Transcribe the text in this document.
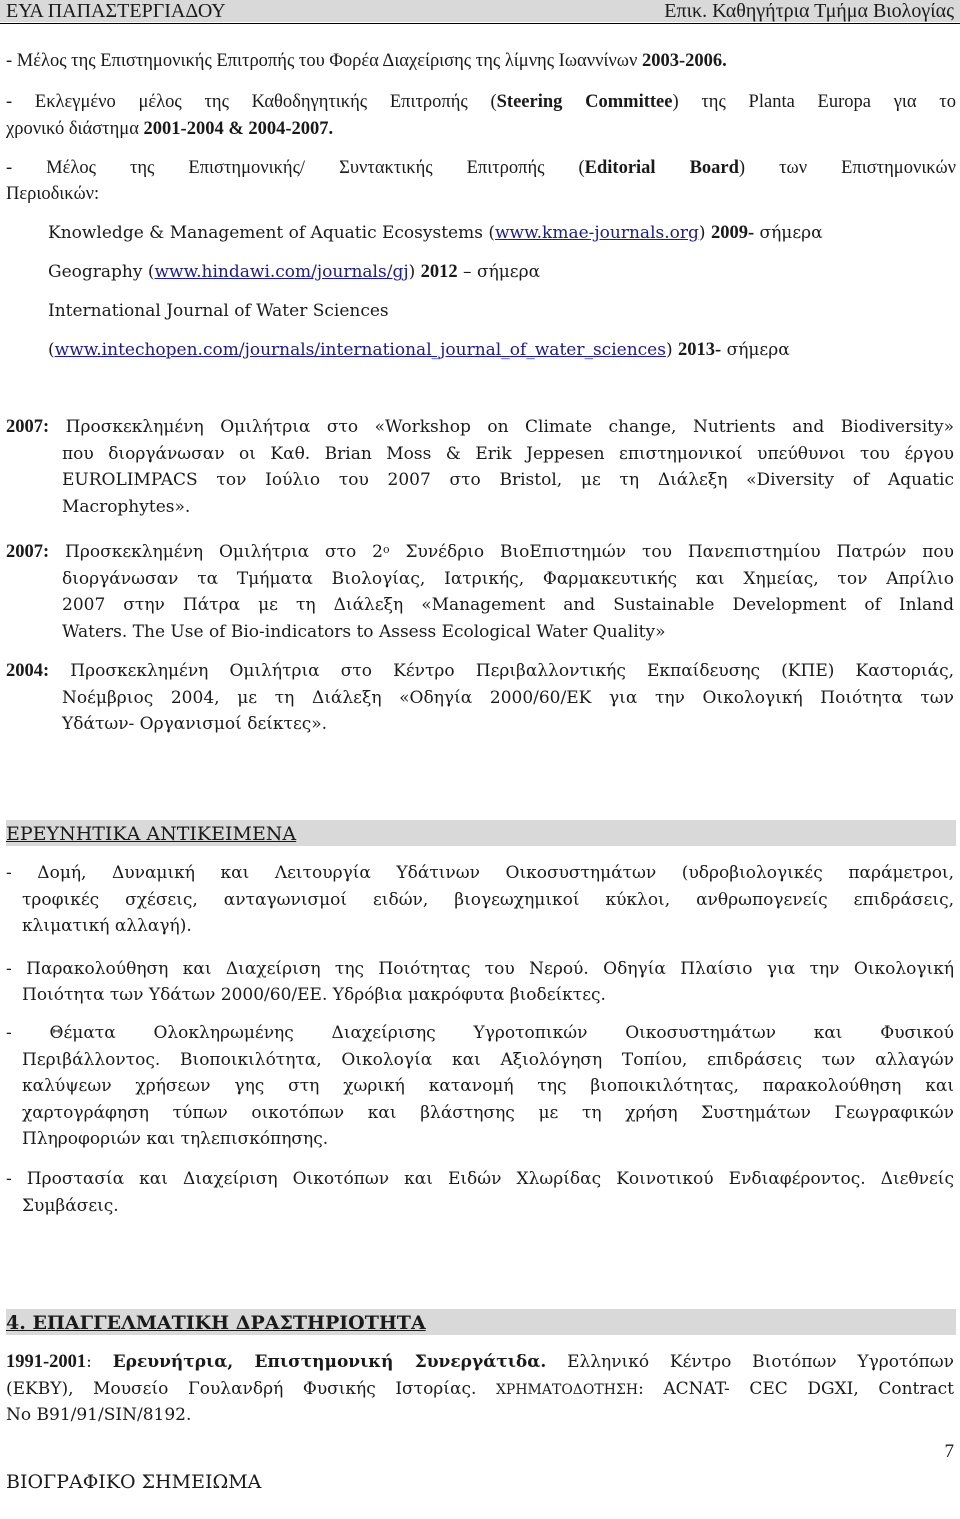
ΕΥΑ ΠΑΠΑΣΤΕΡΓΙΑΔΟΥ	Επικ. Καθηγήτρια Τμήμα Βιολογίας
- Μέλος της Επιστημονικής Επιτροπής του Φορέα Διαχείρισης της λίμνης Ιωαννίνων 2003-2006.
- Εκλεγμένο μέλος της Καθοδηγητικής Επιτροπής (Steering Committee) της Planta Europa για το
χρονικό διάστημα 2001-2004 & 2004-2007.
- Μέλος της Επιστημονικής/ Συντακτικής Επιτροπής (Editorial Board) των Επιστημονικών
Περιοδικών:
Knowledge & Management of Aquatic Ecosystems (www.kmae-journals.org) 2009- σήμερα
Geography (www.hindawi.com/journals/gj) 2012 – σήμερα
International Journal of Water Sciences
(www.intechopen.com/journals/international_journal_of_water_sciences) 2013- σήμερα
2007: Προσκεκλημένη Ομιλήτρια στο «Workshop on Climate change, Nutrients and Biodiversity»
που διοργάνωσαν οι Καθ. Brian Moss & Erik Jeppesen επιστημονικοί υπεύθυνοι του έργου
EUROLIMPACS τον Ιούλιο του 2007 στο Bristol, με τη Διάλεξη «Diversity of Aquatic
Macrophytes».
2007: Προσκεκλημένη Ομιλήτρια στο $2^o$ Συνέδριο ΒιοΕπιστημών του Πανεπιστημίου Πατρών που
διοργάνωσαν τα Τμήματα Βιολογίας, Ιατρικής, Φαρμακευτικής και Χημείας, τον Απρίλιο
2007 στην Πάτρα με τη Διάλεξη «Management and Sustainable Development of Inland
Waters. The Use of Bio-indicators to Assess Ecological Water Quality»
2004: Προσκεκλημένη Ομιλήτρια στο Κέντρο Περιβαλλοντικής Εκπαίδευσης (ΚΠΕ) Καστοριάς,
Νοέμβριος 2004, με τη Διάλεξη «Οδηγία 2000/60/ΕΚ για την Οικολογική Ποιότητα των
Υδάτων- Οργανισμοί δείκτες».
ΕΡΕΥΝΗΤΙΚΑ ΑΝΤΙΚΕΙΜΕΝΑ
- Δομή, Δυναμική και Λειτουργία Υδάτινων Οικοσυστημάτων (υδροβιολογικές παράμετροι,
τροφικές σχέσεις, ανταγωνισμοί ειδών, βιογεωχημικοί κύκλοι, ανθρωπογενείς επιδράσεις,
κλιματική αλλαγή).
- Παρακολούθηση και Διαχείριση της Ποιότητας του Νερού. Οδηγία Πλαίσιο για την Οικολογική
Ποιότητα των Υδάτων 2000/60/ΕΕ. Υδρόβια μακρόφυτα βιοδείκτες.
- Θέματα Ολοκληρωμένης Διαχείρισης Υγροτοπικών Οικοσυστημάτων και Φυσικού
Περιβάλλοντος. Βιοποικιλότητα, Οικολογία και Αξιολόγηση Τοπίου, επιδράσεις των αλλαγών
καλύψεων χρήσεων γης στη χωρική κατανομή της βιοποικιλότητας, παρακολούθηση και
χαρτογράφηση τύπων οικοτόπων και βλάστησης με τη χρήση Συστημάτων Γεωγραφικών
Πληροφοριών και τηλεπισκόπησης.
- Προστασία και Διαχείριση Οικοτόπων και Ειδών Χλωρίδας Κοινοτικού Ενδιαφέροντος. Διεθνείς
Συμβάσεις.
4. ΕΠΑΓΓΕΛΜΑΤΙΚΗ ΔΡΑΣΤΗΡΙΟΤΗΤΑ
1991-2001: Ερευνήτρια, Επιστημονική Συνεργάτιδα. Ελληνικό Κέντρο Βιοτόπων Υγροτόπων
(ΕΚΒΥ), Μουσείο Γουλανδρή Φυσικής Ιστορίας. ΧΡΗΜΑΤΟΔΟΤΗΣΗ: ACNAT- CEC DGXI, Contract
No B91/91/SIN/8192.
7
ΒΙΟΓΡΑΦΙΚΟ ΣΗΜΕΙΩΜΑ
